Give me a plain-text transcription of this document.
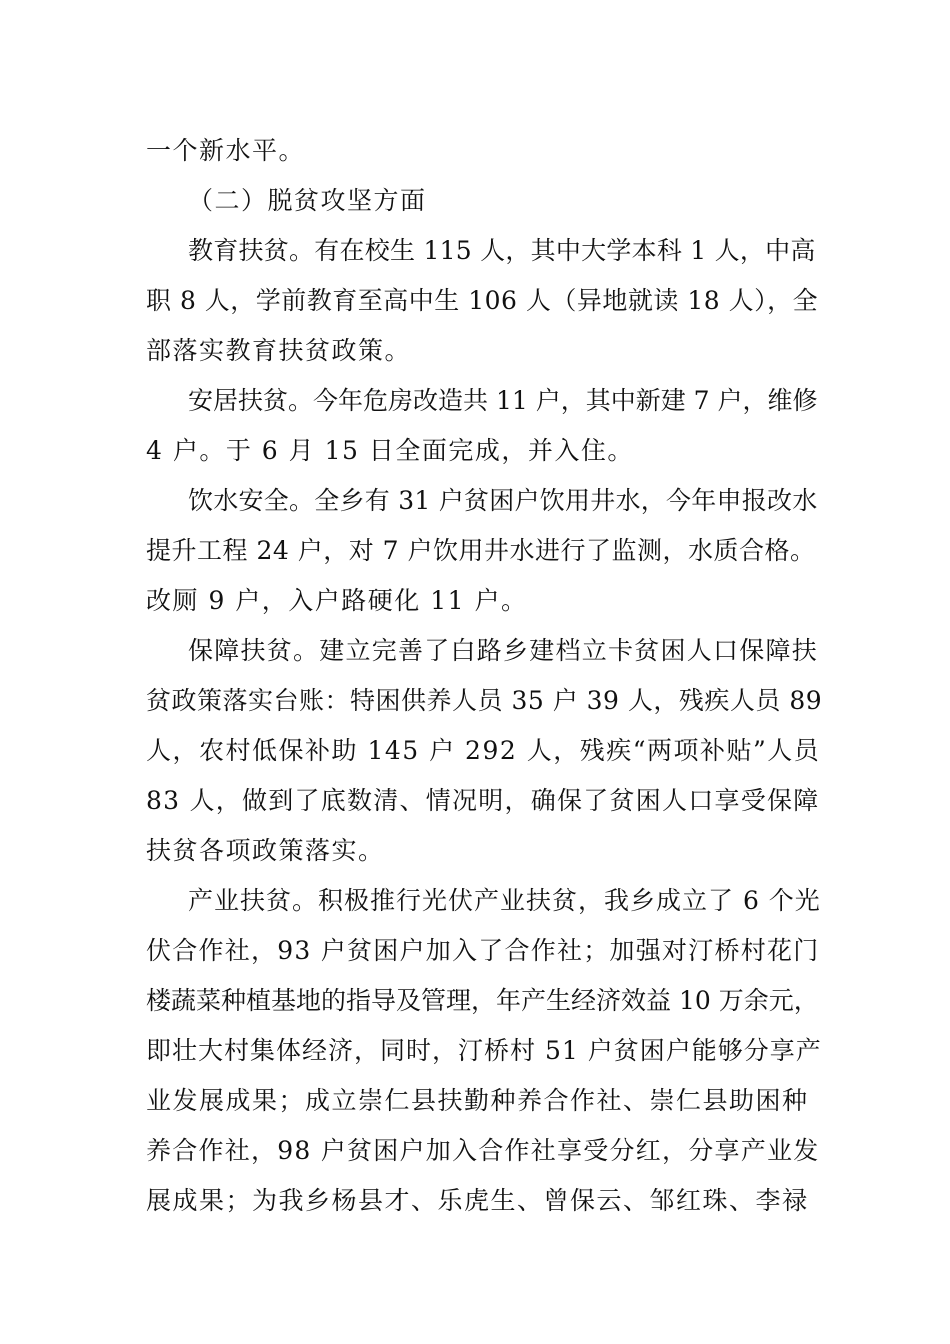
一个新水平。

（二）脱贫攻坚方面

教育扶贫。有在校生 115 人，其中大学本科 1 人，中高

职 8 人，学前教育至高中生 106 人（异地就读 18 人），全

部落实教育扶贫政策。

安居扶贫。今年危房改造共 11 户，其中新建 7 户，维修

4 户。于 6 月 15 日全面完成，并入住。

饮水安全。全乡有 31 户贫困户饮用井水，今年申报改水

提升工程 24 户，对 7 户饮用井水进行了监测，水质合格。

改厕 9 户，入户路硬化 11 户。

保障扶贫。建立完善了白路乡建档立卡贫困人口保障扶

贫政策落实台账：特困供养人员 35 户 39 人，残疾人员 89

人，农村低保补助 145 户 292 人，残疾“两项补贴”人员

83 人，做到了底数清、情况明，确保了贫困人口享受保障

扶贫各项政策落实。

产业扶贫。积极推行光伏产业扶贫，我乡成立了 6 个光

伏合作社，93 户贫困户加入了合作社；加强对汀桥村花门

楼蔬菜种植基地的指导及管理，年产生经济效益 10 万余元，

即壮大村集体经济，同时，汀桥村 51 户贫困户能够分享产

业发展成果；成立崇仁县扶勤种养合作社、崇仁县助困种

养合作社，98 户贫困户加入合作社享受分红，分享产业发

展成果；为我乡杨县才、乐虎生、曾保云、邹红珠、李禄
